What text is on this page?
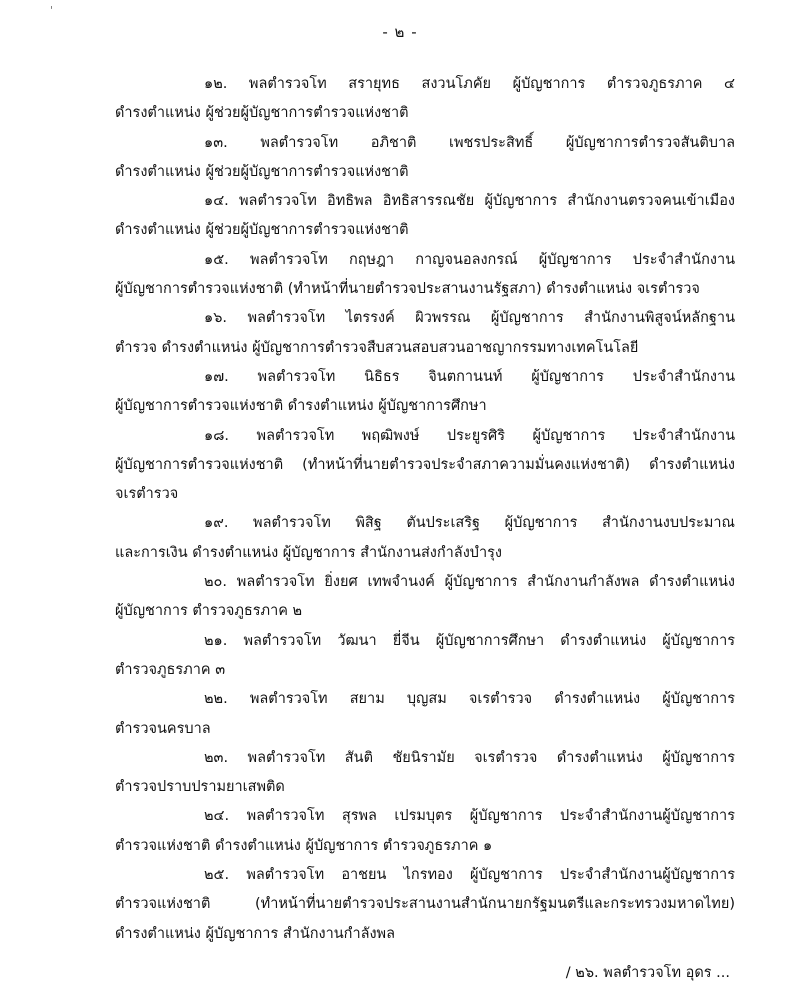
'
- ๒ -
๑๒. พลตำรวจโท สรายุทธ สงวนโภคัย ผู้บัญชาการ ตำรวจภูธรภาค ๔
ดำรงตำแหน่ง ผู้ช่วยผู้บัญชาการตำรวจแห่งชาติ
๑๓. พลตำรวจโท อภิชาติ เพชรประสิทธิ์ ผู้บัญชาการตำรวจสันติบาล
ดำรงตำแหน่ง ผู้ช่วยผู้บัญชาการตำรวจแห่งชาติ
๑๔. พลตำรวจโท อิทธิพล อิทธิสารรณชัย ผู้บัญชาการ สำนักงานตรวจคนเข้าเมือง
ดำรงตำแหน่ง ผู้ช่วยผู้บัญชาการตำรวจแห่งชาติ
๑๕. พลตำรวจโท กฤษฎา กาญจนอลงกรณ์ ผู้บัญชาการ ประจำสำนักงาน
ผู้บัญชาการตำรวจแห่งชาติ (ทำหน้าที่นายตำรวจประสานงานรัฐสภา) ดำรงตำแหน่ง จเรตำรวจ
๑๖. พลตำรวจโท ไตรรงค์ ผิวพรรณ ผู้บัญชาการ สำนักงานพิสูจน์หลักฐาน
ตำรวจ ดำรงตำแหน่ง ผู้บัญชาการตำรวจสืบสวนสอบสวนอาชญากรรมทางเทคโนโลยี
๑๗. พลตำรวจโท นิธิธร จินตกานนท์ ผู้บัญชาการ ประจำสำนักงาน
ผู้บัญชาการตำรวจแห่งชาติ ดำรงตำแหน่ง ผู้บัญชาการศึกษา
๑๘. พลตำรวจโท พฤฒิพงษ์ ประยูรศิริ ผู้บัญชาการ ประจำสำนักงาน
ผู้บัญชาการตำรวจแห่งชาติ (ทำหน้าที่นายตำรวจประจำสภาความมั่นคงแห่งชาติ) ดำรงตำแหน่ง
จเรตำรวจ
๑๙. พลตำรวจโท พิสิฐ ตันประเสริฐ ผู้บัญชาการ สำนักงานงบประมาณ
และการเงิน ดำรงตำแหน่ง ผู้บัญชาการ สำนักงานส่งกำลังบำรุง
๒๐. พลตำรวจโท ยิ่งยศ เทพจำนงค์ ผู้บัญชาการ สำนักงานกำลังพล ดำรงตำแหน่ง
ผู้บัญชาการ ตำรวจภูธรภาค ๒
๒๑. พลตำรวจโท วัฒนา ยี่จีน ผู้บัญชาการศึกษา ดำรงตำแหน่ง ผู้บัญชาการ
ตำรวจภูธรภาค ๓
๒๒. พลตำรวจโท สยาม บุญสม จเรตำรวจ ดำรงตำแหน่ง ผู้บัญชาการ
ตำรวจนครบาล
๒๓. พลตำรวจโท สันติ ชัยนิรามัย จเรตำรวจ ดำรงตำแหน่ง ผู้บัญชาการ
ตำรวจปราบปรามยาเสพติด
๒๔. พลตำรวจโท สุรพล เปรมบุตร ผู้บัญชาการ ประจำสำนักงานผู้บัญชาการ
ตำรวจแห่งชาติ ดำรงตำแหน่ง ผู้บัญชาการ ตำรวจภูธรภาค ๑
๒๕. พลตำรวจโท อาชยน ไกรทอง ผู้บัญชาการ ประจำสำนักงานผู้บัญชาการ
ตำรวจแห่งชาติ (ทำหน้าที่นายตำรวจประสานงานสำนักนายกรัฐมนตรีและกระทรวงมหาดไทย)
ดำรงตำแหน่ง ผู้บัญชาการ สำนักงานกำลังพล
/ ๒๖. พลตำรวจโท อุดร ...
